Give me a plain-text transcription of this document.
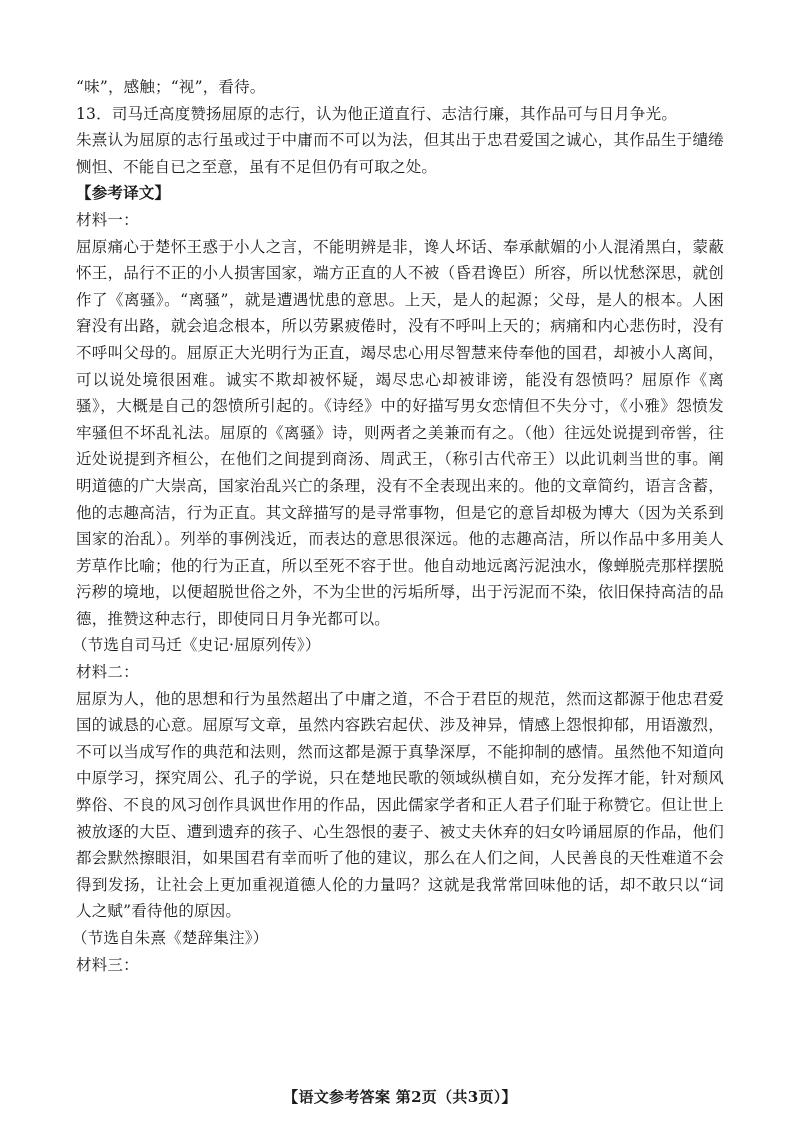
“味”，感触；“视”，看待。

13．司马迁高度赞扬屈原的志行，认为他正道直行、志洁行廉，其作品可与日月争光。

朱熹认为屈原的志行虽或过于中庸而不可以为法，但其出于忠君爱国之诚心，其作品生于缱绻恻怛、不能自已之至意，虽有不足但仍有可取之处。

【参考译文】

材料一：

屈原痛心于楚怀王惑于小人之言，不能明辨是非，谗人坏话、奉承献媚的小人混淆黑白，蒙蔽怀王，品行不正的小人损害国家，端方正直的人不被（昏君谗臣）所容，所以忧愁深思，就创作了《离骚》。“离骚”，就是遭遇忧患的意思。上天，是人的起源；父母，是人的根本。人困窘没有出路，就会追念根本，所以劳累疲倦时，没有不呼叫上天的；病痛和内心悲伤时，没有不呼叫父母的。屈原正大光明行为正直，竭尽忠心用尽智慧来侍奉他的国君，却被小人离间，可以说处境很困难。诚实不欺却被怀疑，竭尽忠心却被诽谤，能没有怨愤吗？屈原作《离骚》，大概是自己的怨愤所引起的。《诗经》中的好描写男女恋情但不失分寸，《小雅》怨愤发牢骚但不坏乱礼法。屈原的《离骚》诗，则两者之美兼而有之。（他）往远处说提到帝喾，往近处说提到齐桓公，在他们之间提到商汤、周武王，（称引古代帝王）以此讥刺当世的事。阐明道德的广大崇高，国家治乱兴亡的条理，没有不全表现出来的。他的文章简约，语言含蓄，他的志趣高洁，行为正直。其文辞描写的是寻常事物，但是它的意旨却极为博大（因为关系到国家的治乱）。列举的事例浅近，而表达的意思很深远。他的志趣高洁，所以作品中多用美人芳草作比喻；他的行为正直，所以至死不容于世。他自动地远离污泥浊水，像蝉脱壳那样摆脱污秽的境地，以便超脱世俗之外，不为尘世的污垢所辱，出于污泥而不染，依旧保持高洁的品德，推赞这种志行，即使同日月争光都可以。

（节选自司马迁《史记·屈原列传》）

材料二：

屈原为人，他的思想和行为虽然超出了中庸之道，不合于君臣的规范，然而这都源于他忠君爱国的诚恳的心意。屈原写文章，虽然内容跌宕起伏、涉及神异，情感上怨恨抑郁，用语激烈，不可以当成写作的典范和法则，然而这都是源于真挚深厚，不能抑制的感情。虽然他不知道向中原学习，探究周公、孔子的学说，只在楚地民歌的领域纵横自如，充分发挥才能，针对颓风弊俗、不良的风习创作具讽世作用的作品，因此儒家学者和正人君子们耻于称赞它。但让世上被放逐的大臣、遭到遗弃的孩子、心生怨恨的妻子、被丈夫休弃的妇女吟诵屈原的作品，他们都会默然擦眼泪，如果国君有幸而听了他的建议，那么在人们之间，人民善良的天性难道不会得到发扬，让社会上更加重视道德人伦的力量吗？这就是我常常回味他的话，却不敢只以“词人之赋”看待他的原因。

（节选自朱熹《楚辞集注》）

材料三：

【语文参考答案 第2页（共3页）】
